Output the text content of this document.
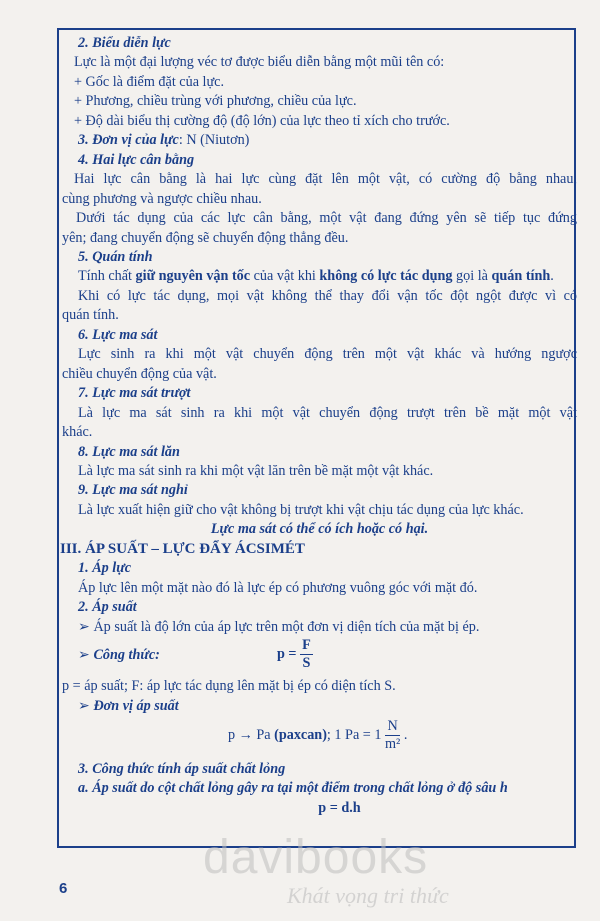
2. Biểu diễn lực
Lực là một đại lượng véc tơ được biểu diễn bằng một mũi tên có:
+ Gốc là điểm đặt của lực.
+ Phương, chiều trùng với phương, chiều của lực.
+ Độ dài biểu thị cường độ (độ lớn) của lực theo tỉ xích cho trước.
3. Đơn vị của lực: N (Niutơn)
4. Hai lực cân bằng
Hai lực cân bằng là hai lực cùng đặt lên một vật, có cường độ bằng nhau,
cùng phương và ngược chiều nhau.
Dưới tác dụng của các lực cân bằng, một vật đang đứng yên sẽ tiếp tục đứng
yên; đang chuyển động sẽ chuyển động thẳng đều.
5. Quán tính
Tính chất giữ nguyên vận tốc của vật khi không có lực tác dụng gọi là quán tính.
Khi có lực tác dụng, mọi vật không thể thay đổi vận tốc đột ngột được vì có
quán tính.
6. Lực ma sát
Lực sinh ra khi một vật chuyển động trên một vật khác và hướng ngược
chiều chuyển động của vật.
7. Lực ma sát trượt
Là lực ma sát sinh ra khi một vật chuyển động trượt trên bề mặt một vật
khác.
8. Lực ma sát lăn
Là lực ma sát sinh ra khi một vật lăn trên bề mặt một vật khác.
9. Lực ma sát nghỉ
Là lực xuất hiện giữ cho vật không bị trượt khi vật chịu tác dụng của lực khác.
Lực ma sát có thể có ích hoặc có hại.
III. ÁP SUẤT – LỰC ĐẨY ÁCSIMÉT
1. Áp lực
Áp lực lên một mặt nào đó là lực ép có phương vuông góc với mặt đó.
2. Áp suất
➢ Áp suất là độ lớn của áp lực trên một đơn vị diện tích của mặt bị ép.
➢ Công thức:	$p = \frac{F}{S}$
p = áp suất; F: áp lực tác dụng lên mặt bị ép có diện tích S.
➢ Đơn vị áp suất
p → Pa (paxcan); 1 $Pa = 1 \frac{N}{\text{m²}}$ .
3. Công thức tính áp suất chất lỏng
a. Áp suất do cột chất lỏng gây ra tại một điểm trong chất lỏng ở độ sâu h
p = d.h
davibooks
Khát vọng tri thức
6
